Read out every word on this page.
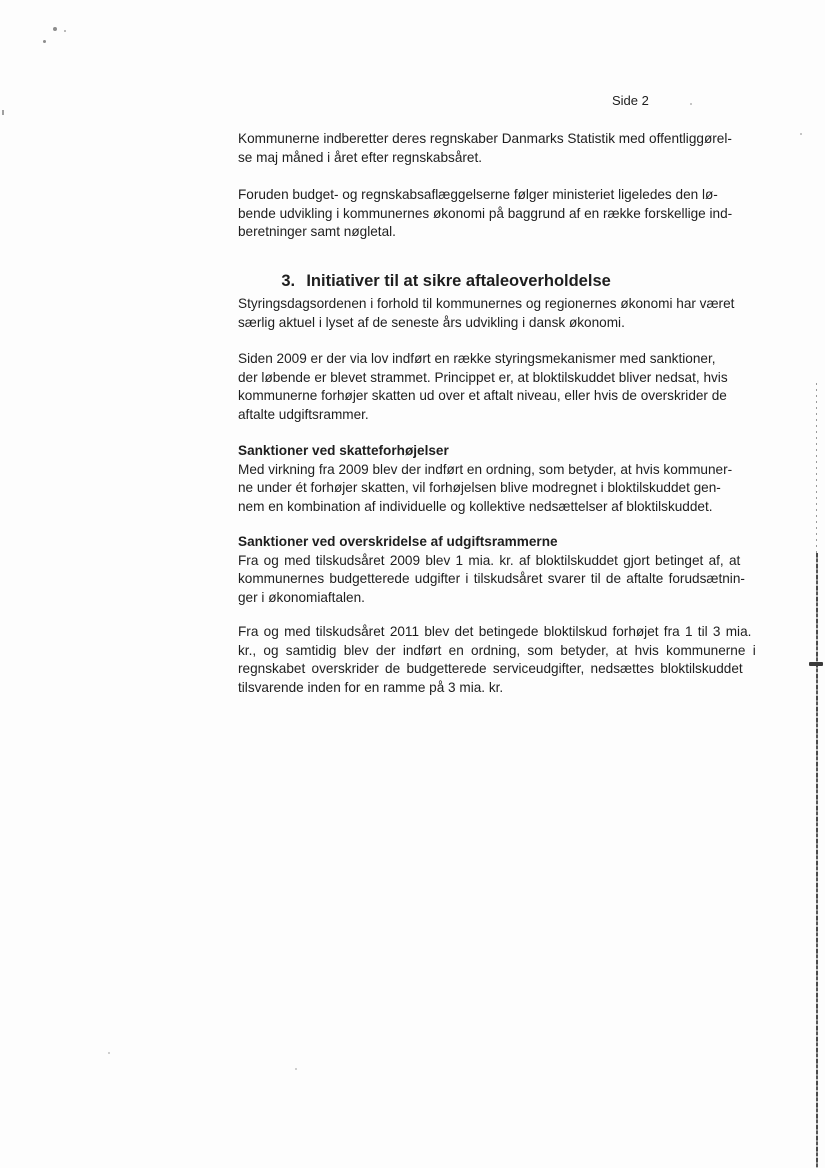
Side 2
Kommunerne indberetter deres regnskaber Danmarks Statistik med offentliggørel-
se maj måned i året efter regnskabsåret.
Foruden budget- og regnskabsaflæggelserne følger ministeriet ligeledes den lø-
bende udvikling i kommunernes økonomi på baggrund af en række forskellige ind-
beretninger samt nøgletal.

3. Initiativer til at sikre aftaleoverholdelse

Styringsdagsordenen i forhold til kommunernes og regionernes økonomi har været
særlig aktuel i lyset af de seneste års udvikling i dansk økonomi.
Siden 2009 er der via lov indført en række styringsmekanismer med sanktioner,
der løbende er blevet strammet. Princippet er, at bloktilskuddet bliver nedsat, hvis
kommunerne forhøjer skatten ud over et aftalt niveau, eller hvis de overskrider de
aftalte udgiftsrammer.
Sanktioner ved skatteforhøjelser
Med virkning fra 2009 blev der indført en ordning, som betyder, at hvis kommuner-
ne under ét forhøjer skatten, vil forhøjelsen blive modregnet i bloktilskuddet gen-
nem en kombination af individuelle og kollektive nedsættelser af bloktilskuddet.
Sanktioner ved overskridelse af udgiftsrammerne
Fra og med tilskudsåret 2009 blev 1 mia. kr. af bloktilskuddet gjort betinget af, at
kommunernes budgetterede udgifter i tilskudsåret svarer til de aftalte forudsætnin-
ger i økonomiaftalen.
Fra og med tilskudsåret 2011 blev det betingede bloktilskud forhøjet fra 1 til 3 mia.
kr., og samtidig blev der indført en ordning, som betyder, at hvis kommunerne i
regnskabet overskrider de budgetterede serviceudgifter, nedsættes bloktilskuddet
tilsvarende inden for en ramme på 3 mia. kr.
